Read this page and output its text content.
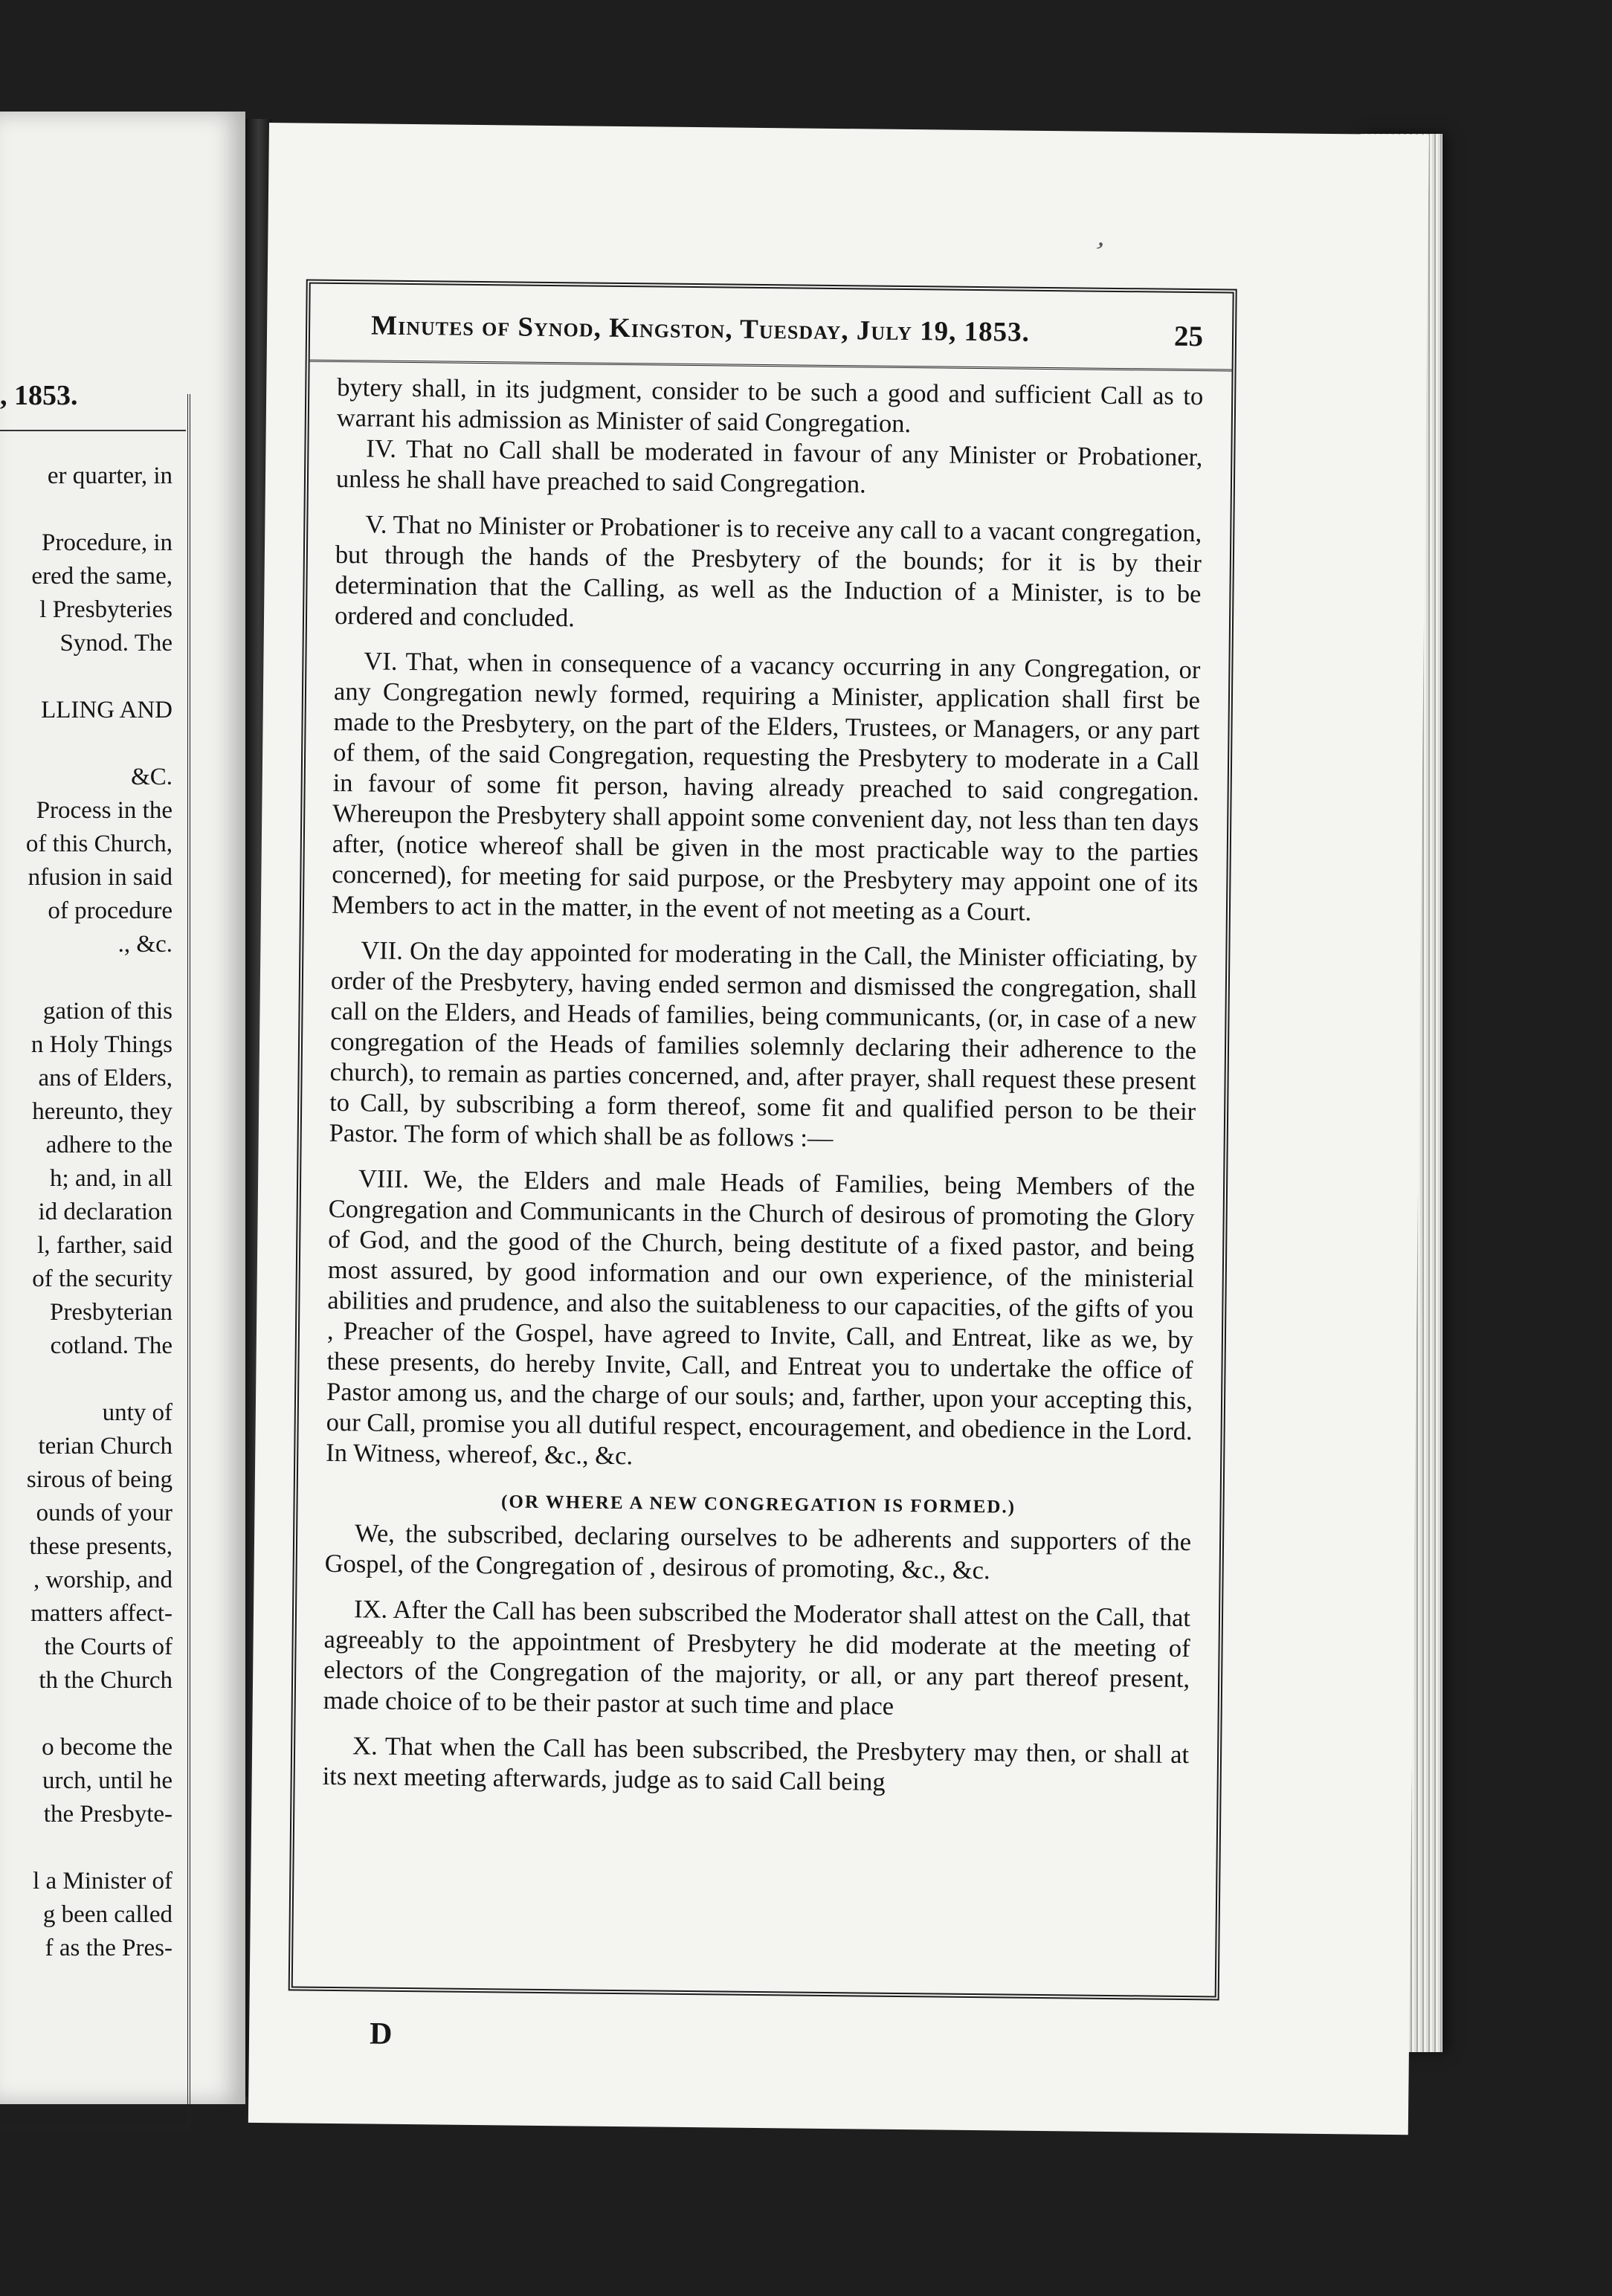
, 1853.
er quarter, in
Procedure, in
ered the same,
l Presbyteries
Synod. The
LLING AND
&C.
Process in the
of this Church,
nfusion in said
of procedure
., &c.
gation of this
n Holy Things
ans of Elders,
hereunto, they
adhere to the
h; and, in all
id declaration
l, farther, said
of the security
Presbyterian
cotland. The
unty of
terian Church
sirous of being
ounds of your
these presents,
, worship, and
matters affect-
the Courts of
th the Church
o become the
urch, until he
the Presbyte-
l a Minister of
g been called
f as the Pres-
ʼ
Minutes of Synod, Kingston, Tuesday, July 19, 1853.	25

bytery shall, in its judgment, consider to be such a good and sufficient Call as to warrant his admission as Minister of said Congregation.

IV. That no Call shall be moderated in favour of any Minister or Probationer, unless he shall have preached to said Congregation.

V. That no Minister or Probationer is to receive any call to a vacant congregation, but through the hands of the Presbytery of the bounds; for it is by their determination that the Calling, as well as the Induction of a Minister, is to be ordered and concluded.

VI. That, when in consequence of a vacancy occurring in any Congregation, or any Congregation newly formed, requiring a Minister, application shall first be made to the Presbytery, on the part of the Elders, Trustees, or Managers, or any part of them, of the said Congregation, requesting the Presbytery to moderate in a Call in favour of some fit person, having already preached to said congregation. Whereupon the Presbytery shall appoint some convenient day, not less than ten days after, (notice whereof shall be given in the most practicable way to the parties concerned), for meeting for said purpose, or the Presbytery may appoint one of its Members to act in the matter, in the event of not meeting as a Court.

VII. On the day appointed for moderating in the Call, the Minister officiating, by order of the Presbytery, having ended sermon and dismissed the congregation, shall call on the Elders, and Heads of families, being communicants, (or, in case of a new congregation of the Heads of families solemnly declaring their adherence to the church), to remain as parties concerned, and, after prayer, shall request these present to Call, by subscribing a form thereof, some fit and qualified person to be their Pastor. The form of which shall be as follows :—

VIII. We, the Elders and male Heads of Families, being Members of the Congregation and Communicants in the Church of desirous of promoting the Glory of God, and the good of the Church, being destitute of a fixed pastor, and being most assured, by good information and our own experience, of the ministerial abilities and prudence, and also the suitableness to our capacities, of the gifts of you , Preacher of the Gospel, have agreed to Invite, Call, and Entreat, like as we, by these presents, do hereby Invite, Call, and Entreat you to undertake the office of Pastor among us, and the charge of our souls; and, farther, upon your accepting this, our Call, promise you all dutiful respect, encouragement, and obedience in the Lord. In Witness, whereof, &c., &c.

(OR WHERE A NEW CONGREGATION IS FORMED.)

We, the subscribed, declaring ourselves to be adherents and supporters of the Gospel, of the Congregation of , desirous of promoting, &c., &c.

IX. After the Call has been subscribed the Moderator shall attest on the Call, that agreeably to the appointment of Presbytery he did moderate at the meeting of electors of the Congregation of the majority, or all, or any part thereof present, made choice of to be their pastor at such time and place

X. That when the Call has been subscribed, the Presbytery may then, or shall at its next meeting afterwards, judge as to said Call being

D
